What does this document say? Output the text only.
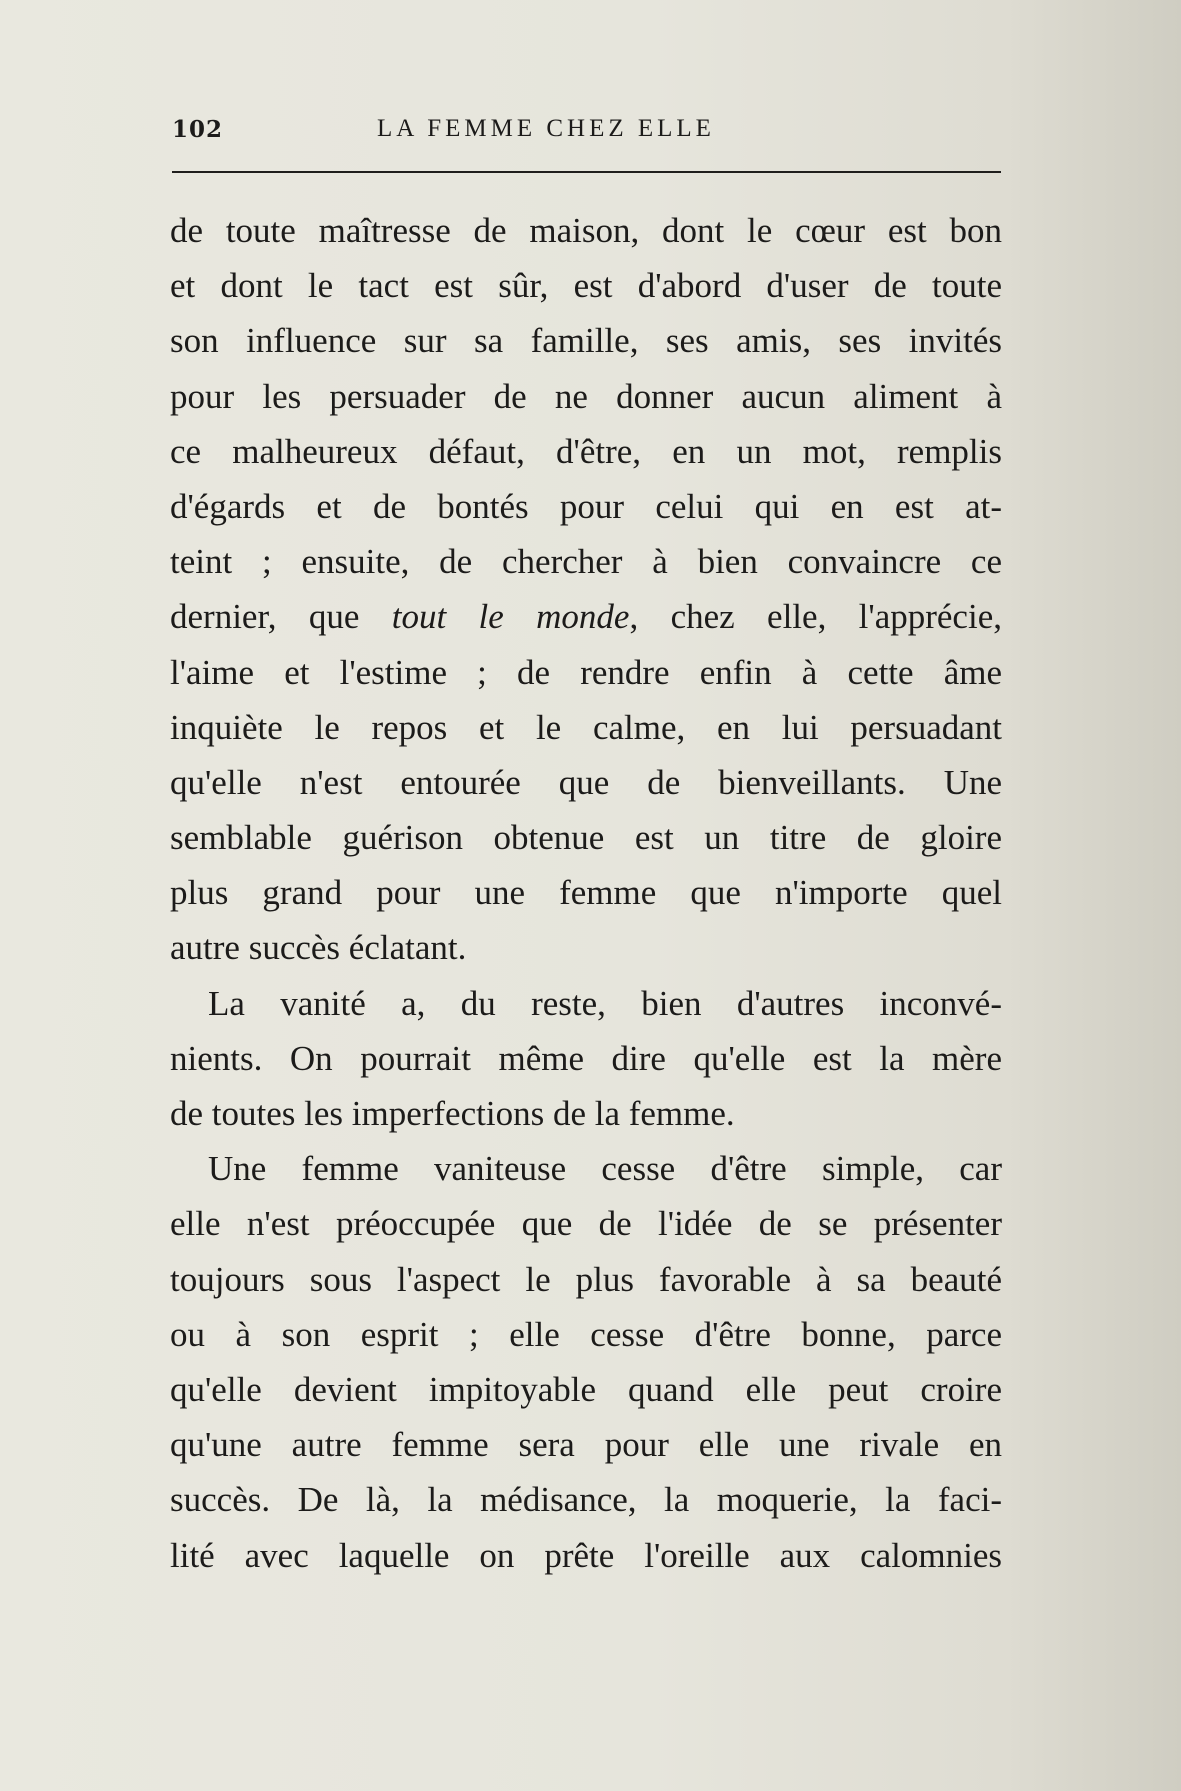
102	LA FEMME CHEZ ELLE
de toute maîtresse de maison, dont le cœur est bon
et dont le tact est sûr, est d'abord d'user de toute
son influence sur sa famille, ses amis, ses invités
pour les persuader de ne donner aucun aliment à
ce malheureux défaut, d'être, en un mot, remplis
d'égards et de bontés pour celui qui en est at-
teint ; ensuite, de chercher à bien convaincre ce
dernier, que tout le monde, chez elle, l'apprécie,
l'aime et l'estime ; de rendre enfin à cette âme
inquiète le repos et le calme, en lui persuadant
qu'elle n'est entourée que de bienveillants. Une
semblable guérison obtenue est un titre de gloire
plus grand pour une femme que n'importe quel
autre succès éclatant.
La vanité a, du reste, bien d'autres inconvé-
nients. On pourrait même dire qu'elle est la mère
de toutes les imperfections de la femme.
Une femme vaniteuse cesse d'être simple, car
elle n'est préoccupée que de l'idée de se présenter
toujours sous l'aspect le plus favorable à sa beauté
ou à son esprit ; elle cesse d'être bonne, parce
qu'elle devient impitoyable quand elle peut croire
qu'une autre femme sera pour elle une rivale en
succès. De là, la médisance, la moquerie, la faci-
lité avec laquelle on prête l'oreille aux calomnies
